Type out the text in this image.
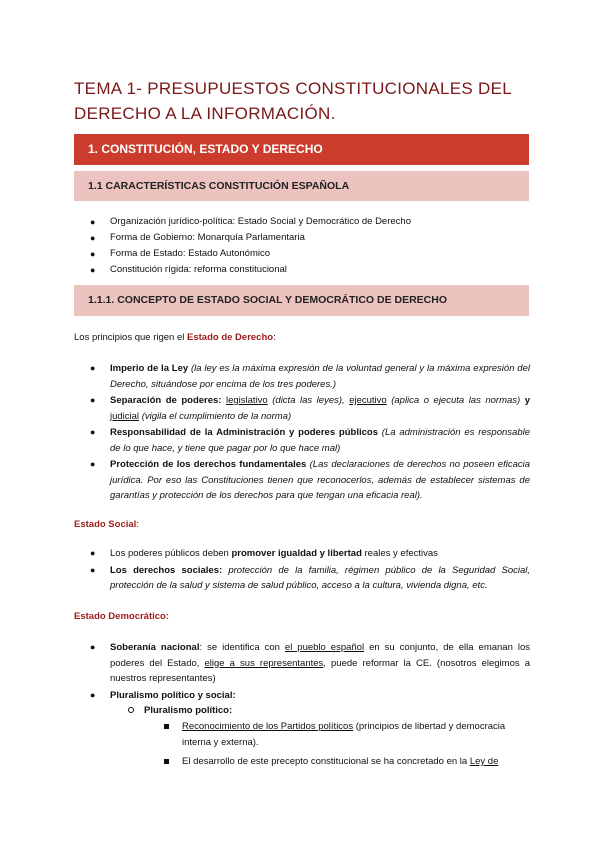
TEMA 1- PRESUPUESTOS CONSTITUCIONALES DEL DERECHO A LA INFORMACIÓN.
1. CONSTITUCIÓN, ESTADO Y DERECHO
1.1 CARACTERÍSTICAS CONSTITUCIÓN ESPAÑOLA
● Organización jurídico-política: Estado Social y Democrático de Derecho
● Forma de Gobierno: Monarquía Parlamentaria
● Forma de Estado: Estado Autonómico
● Constitución rígida: reforma constitucional
1.1.1. CONCEPTO DE ESTADO SOCIAL Y DEMOCRÁTICO DE DERECHO
Los principios que rigen el Estado de Derecho:
● Imperio de la Ley (la ley es la máxima expresión de la voluntad general y la máxima expresión del Derecho, situándose por encima de los tres poderes.)
● Separación de poderes: legislativo (dicta las leyes), ejecutivo (aplica o ejecuta las normas) y judicial (vigila el cumplimiento de la norma)
● Responsabilidad de la Administración y poderes públicos (La administración es responsable de lo que hace, y tiene que pagar por lo que hace mal)
● Protección de los derechos fundamentales (Las declaraciones de derechos no poseen eficacia jurídica. Por eso las Constituciones tienen que reconocerlos, además de establecer sistemas de garantías y protección de los derechos para que tengan una eficacia real).
Estado Social:
● Los poderes públicos deben promover igualdad y libertad reales y efectivas
● Los derechos sociales: protección de la familia, régimen público de la Seguridad Social, protección de la salud y sistema de salud público, acceso a la cultura, vivienda digna, etc.
Estado Democrático:
● Soberanía nacional: se identifica con el pueblo español en su conjunto, de ella emanan los poderes del Estado, elige a sus representantes, puede reformar la CE. (nosotros elegimos a nuestros representantes)
● Pluralismo político y social:
Pluralismo político:
Reconocimiento de los Partidos políticos (principios de libertad y democracia interna y externa).
El desarrollo de este precepto constitucional se ha concretado en la Ley de
